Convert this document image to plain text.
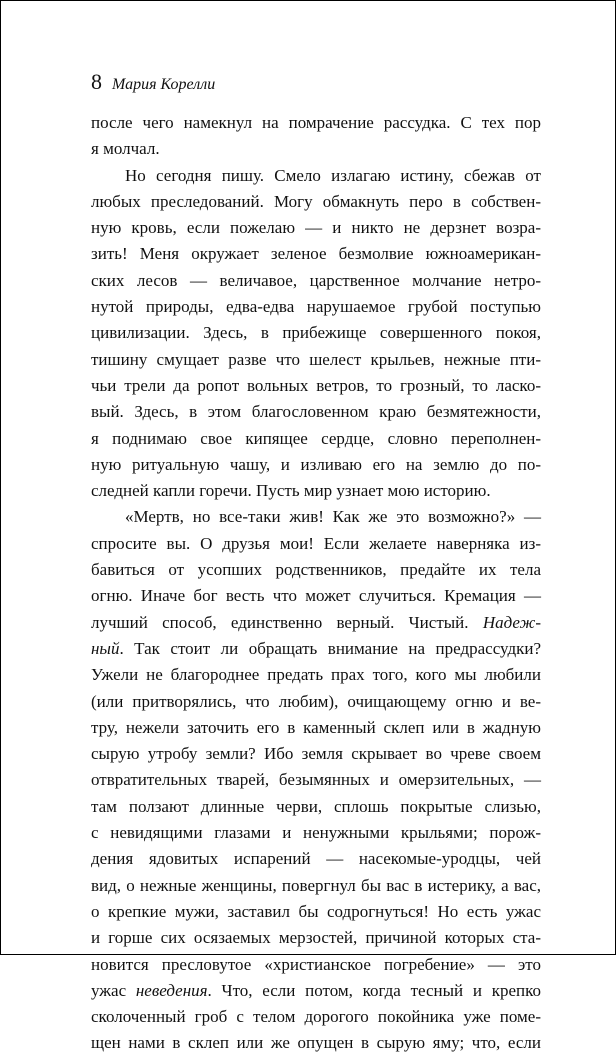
8 Мария Корелли
после чего намекнул на помрачение рассудка. С тех пор
я молчал.
Но сегодня пишу. Смело излагаю истину, сбежав от
любых преследований. Могу обмакнуть перо в собствен-
ную кровь, если пожелаю — и никто не дерзнет возра-
зить! Меня окружает зеленое безмолвие южноамерикан-
ских лесов — величавое, царственное молчание нетро-
нутой природы, едва-едва нарушаемое грубой поступью
цивилизации. Здесь, в прибежище совершенного покоя,
тишину смущает разве что шелест крыльев, нежные пти-
чьи трели да ропот вольных ветров, то грозный, то ласко-
вый. Здесь, в этом благословенном краю безмятежности,
я поднимаю свое кипящее сердце, словно переполнен-
ную ритуальную чашу, и изливаю его на землю до по-
следней капли горечи. Пусть мир узнает мою историю.
«Мертв, но все-таки жив! Как же это возможно?» —
спросите вы. О друзья мои! Если желаете наверняка из-
бавиться от усопших родственников, предайте их тела
огню. Иначе бог весть что может случиться. Кремация —
лучший способ, единственно верный. Чистый. Надеж-
ный. Так стоит ли обращать внимание на предрассудки?
Ужели не благороднее предать прах того, кого мы любили
(или притворялись, что любим), очищающему огню и ве-
тру, нежели заточить его в каменный склеп или в жадную
сырую утробу земли? Ибо земля скрывает во чреве своем
отвратительных тварей, безымянных и омерзительных, —
там ползают длинные черви, сплошь покрытые слизью,
с невидящими глазами и ненужными крыльями; порож-
дения ядовитых испарений — насекомые-уродцы, чей
вид, о нежные женщины, повергнул бы вас в истерику, а вас,
о крепкие мужи, заставил бы содрогнуться! Но есть ужас
и горше сих осязаемых мерзостей, причиной которых ста-
новится пресловутое «христианское погребение» — это
ужас неведения. Что, если потом, когда тесный и крепко
сколоченный гроб с телом дорогого покойника уже поме-
щен нами в склеп или же опущен в сырую яму; что, если
